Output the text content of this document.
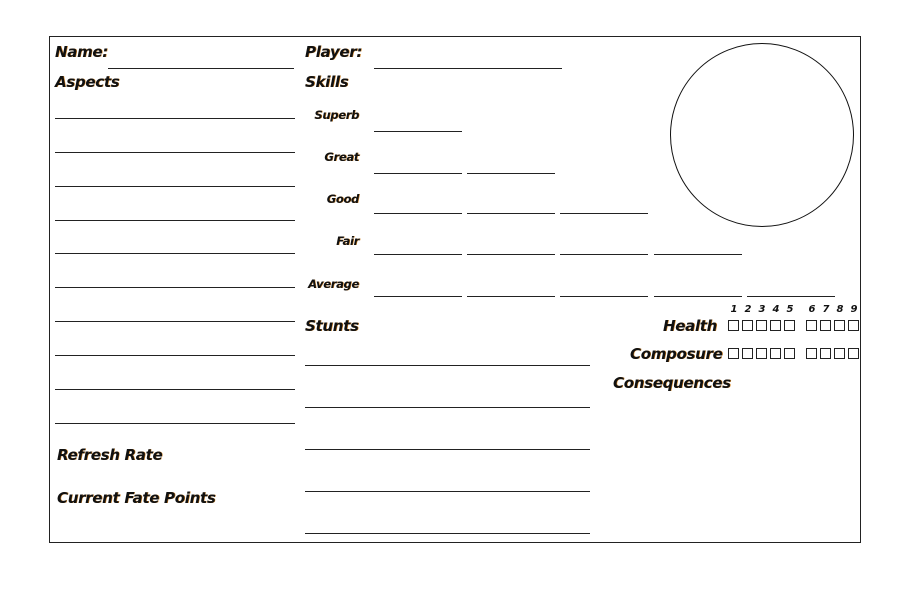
Name:	Player:
Aspects
Refresh Rate
Current Fate Points
Skills
Superb
Great
Good
Fair
Average
Stunts
1 2 3 4 5 6 7 8 9
Health
Composure
Consequences
